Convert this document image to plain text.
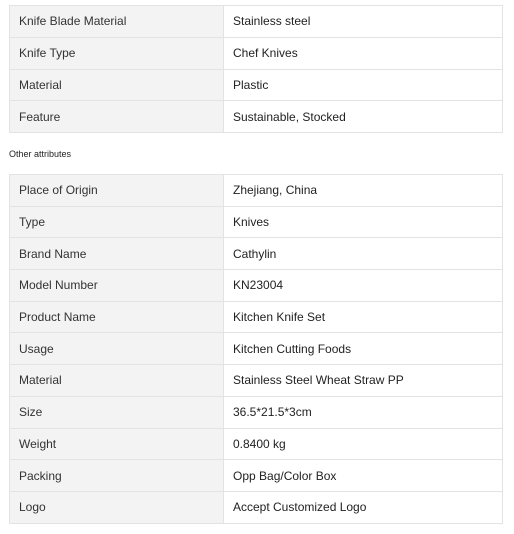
Knife Blade Material	Stainless steel
Knife Type	Chef Knives
Material	Plastic
Feature	Sustainable, Stocked
Other attributes
Place of Origin	Zhejiang, China
Type	Knives
Brand Name	Cathylin
Model Number	KN23004
Product Name	Kitchen Knife Set
Usage	Kitchen Cutting Foods
Material	Stainless Steel Wheat Straw PP
Size	36.5*21.5*3cm
Weight	0.8400 kg
Packing	Opp Bag/Color Box
Logo	Accept Customized Logo
